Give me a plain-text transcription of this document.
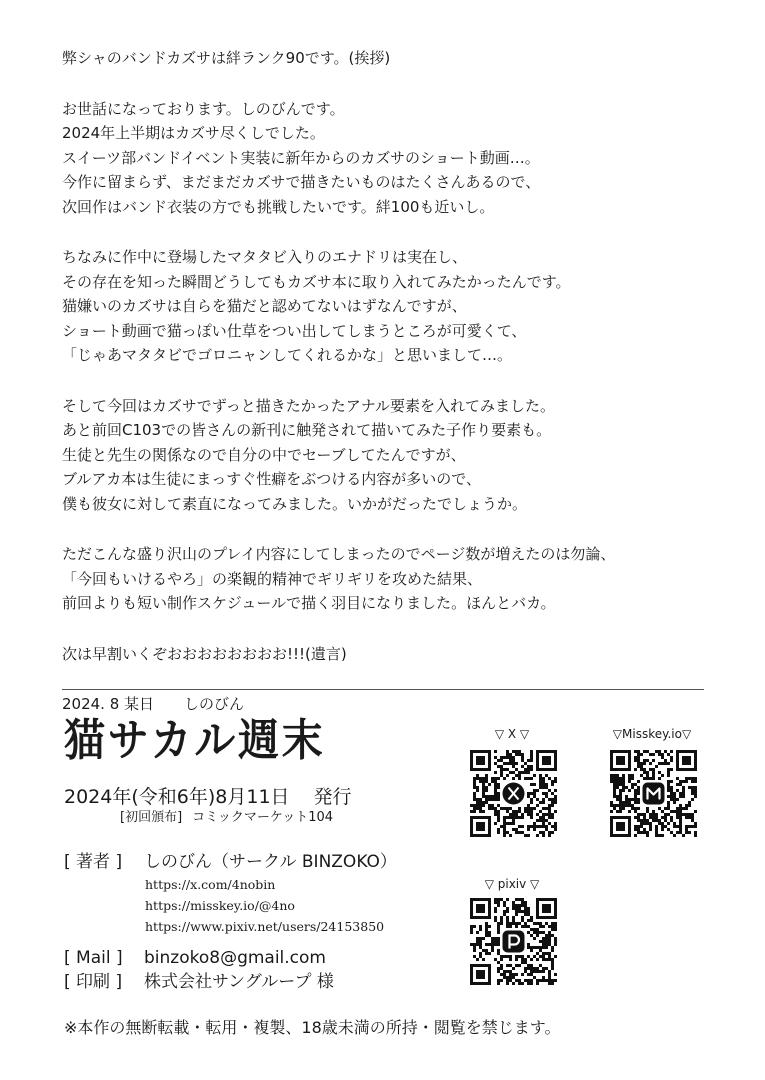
弊シャのバンドカズサは絆ランク90です。(挨拶)
お世話になっております。しのびんです。
2024年上半期はカズサ尽くしでした。
スイーツ部バンドイベント実装に新年からのカズサのショート動画…。
今作に留まらず、まだまだカズサで描きたいものはたくさんあるので、
次回作はバンド衣装の方でも挑戦したいです。絆100も近いし。
ちなみに作中に登場したマタタビ入りのエナドリは実在し、
その存在を知った瞬間どうしてもカズサ本に取り入れてみたかったんです。
猫嫌いのカズサは自らを猫だと認めてないはずなんですが、
ショート動画で猫っぽい仕草をつい出してしまうところが可愛くて、
「じゃあマタタビでゴロニャンしてくれるかな」と思いまして…。
そして今回はカズサでずっと描きたかったアナル要素を入れてみました。
あと前回C103での皆さんの新刊に触発されて描いてみた子作り要素も。
生徒と先生の関係なので自分の中でセーブしてたんですが、
ブルアカ本は生徒にまっすぐ性癖をぶつける内容が多いので、
僕も彼女に対して素直になってみました。いかがだったでしょうか。
ただこんな盛り沢山のプレイ内容にしてしまったのでページ数が増えたのは勿論、
「今回もいけるやろ」の楽観的精神でギリギリを攻めた結果、
前回よりも短い制作スケジュールで描く羽目になりました。ほんとバカ。
次は早割いくぞおおおおおおおお!!!(遺言)
2024. 8 某日　　しのびん
猫サカル週末
2024年(令和6年)8月11日 発行
[初回頒布] コミックマーケット104
[ 著者 ] しのびん（サークル BINZOKO）
https://x.com/4nobin
https://misskey.io/@4no
https://www.pixiv.net/users/24153850
[ Mail ] binzoko8@gmail.com
[ 印刷 ] 株式会社サングループ 様
※本作の無断転載・転用・複製、18歳未満の所持・閲覧を禁じます。
▽ X ▽	▽Misskey.io▽
▽ pixiv ▽
